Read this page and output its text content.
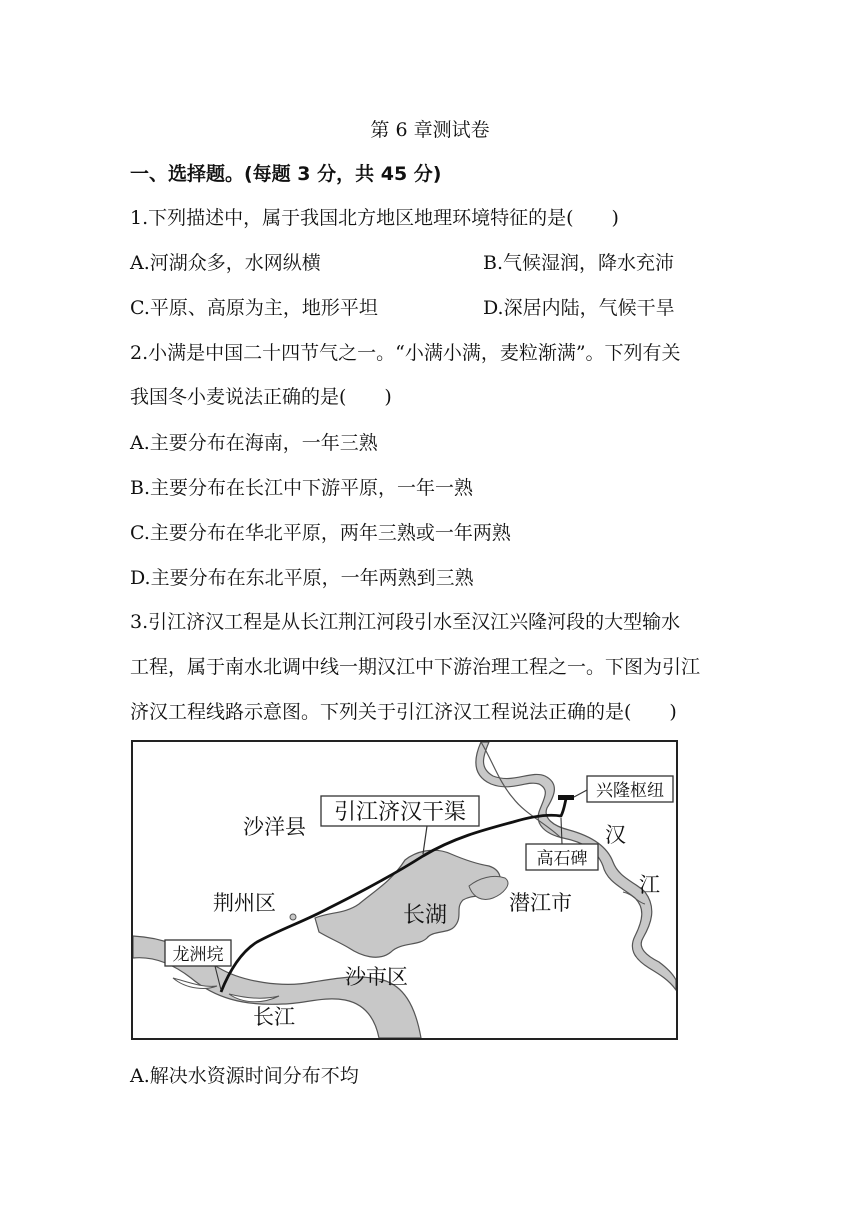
第 6 章测试卷
一、选择题。(每题 3 分，共 45 分)
1.下列描述中，属于我国北方地区地理环境特征的是(　　)
A.河湖众多，水网纵横	B.气候湿润，降水充沛
C.平原、高原为主，地形平坦	D.深居内陆，气候干旱
2.小满是中国二十四节气之一。“小满小满，麦粒渐满”。下列有关
我国冬小麦说法正确的是(　　)
A.主要分布在海南，一年三熟
B.主要分布在长江中下游平原，一年一熟
C.主要分布在华北平原，两年三熟或一年两熟
D.主要分布在东北平原，一年两熟到三熟
3.引江济汉工程是从长江荆江河段引水至汉江兴隆河段的大型输水
工程，属于南水北调中线一期汉江中下游治理工程之一。下图为引江
济汉工程线路示意图。下列关于引江济汉工程说法正确的是(　　)
引江济汉干渠
沙洋县
荆州区
龙洲垸
沙市区
长江
长湖	潜江市
兴隆枢纽
高石碑
汉
江
A.解决水资源时间分布不均
